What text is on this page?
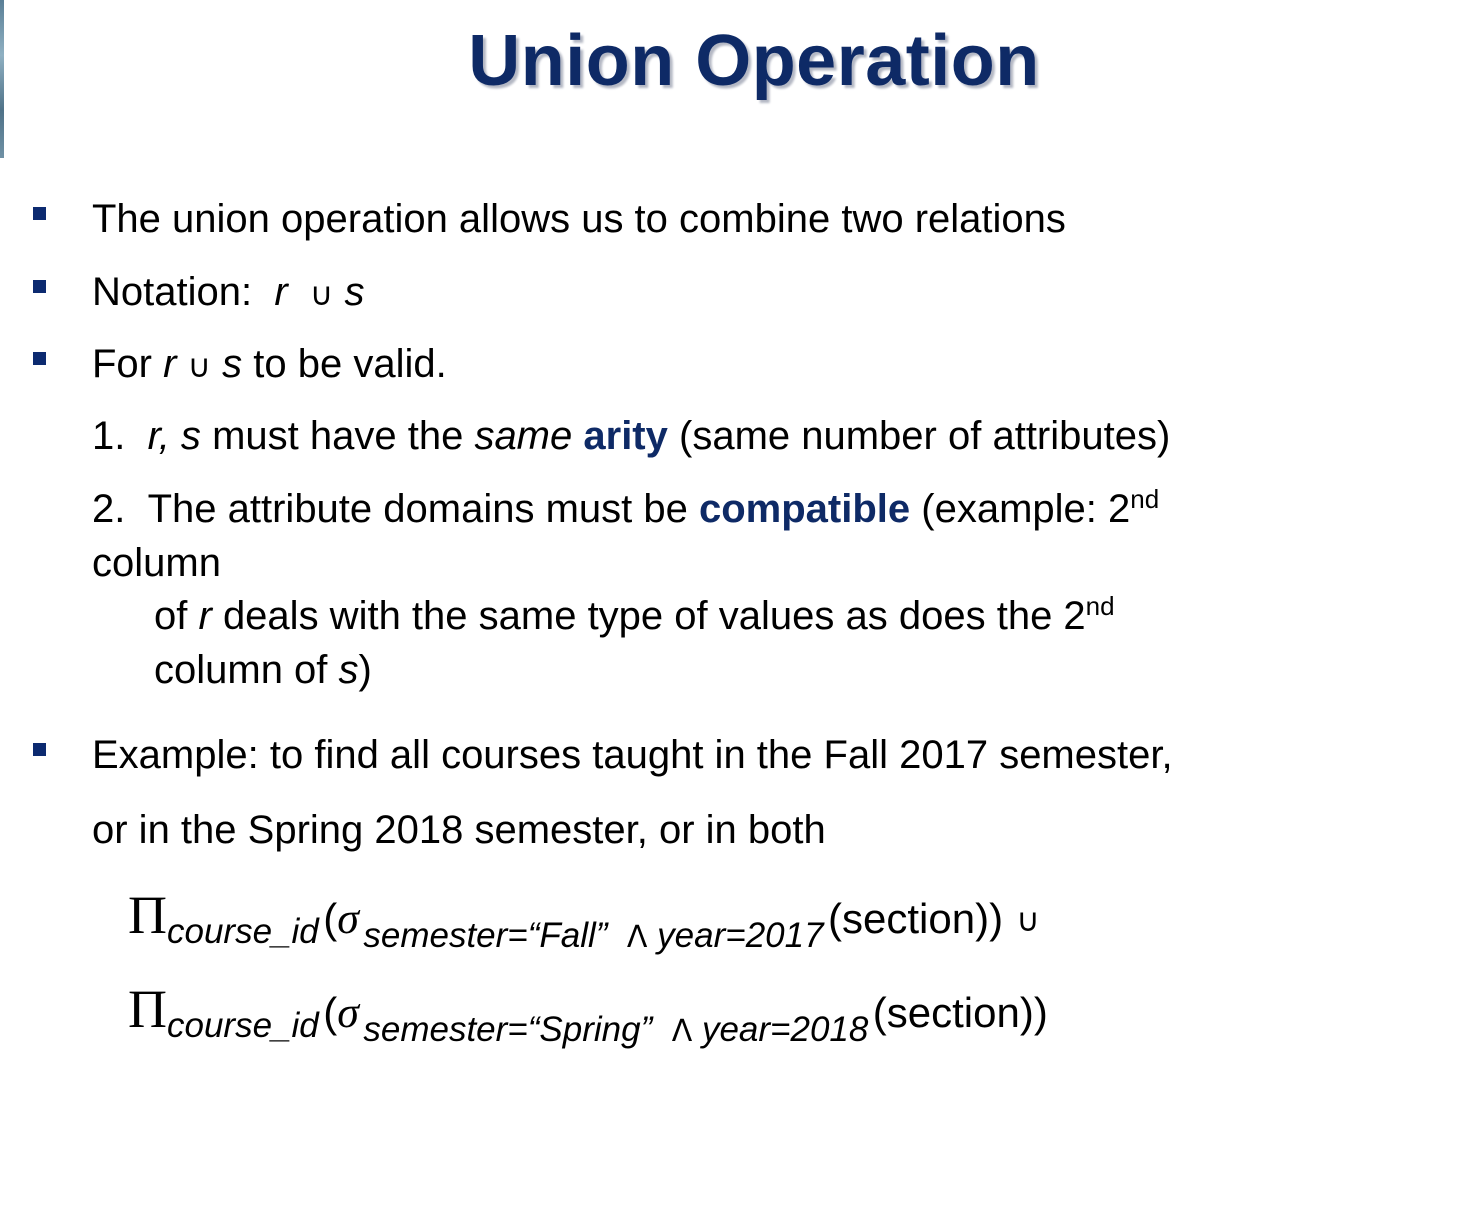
Union Operation
The union operation allows us to combine two relations
Notation: r ∪ s
For r ∪ s to be valid.
1. r, s must have the same arity (same number of attributes)
2. The attribute domains must be compatible (example: 2nd
column
of r deals with the same type of values as does the 2nd
column of s)
Example: to find all courses taught in the Fall 2017 semester,
or in the Spring 2018 semester, or in both
Πcourse_id (σ semester=“Fall” Λ year=2017 (section)) ∪
Πcourse_id (σ semester=“Spring” Λ year=2018 (section))
